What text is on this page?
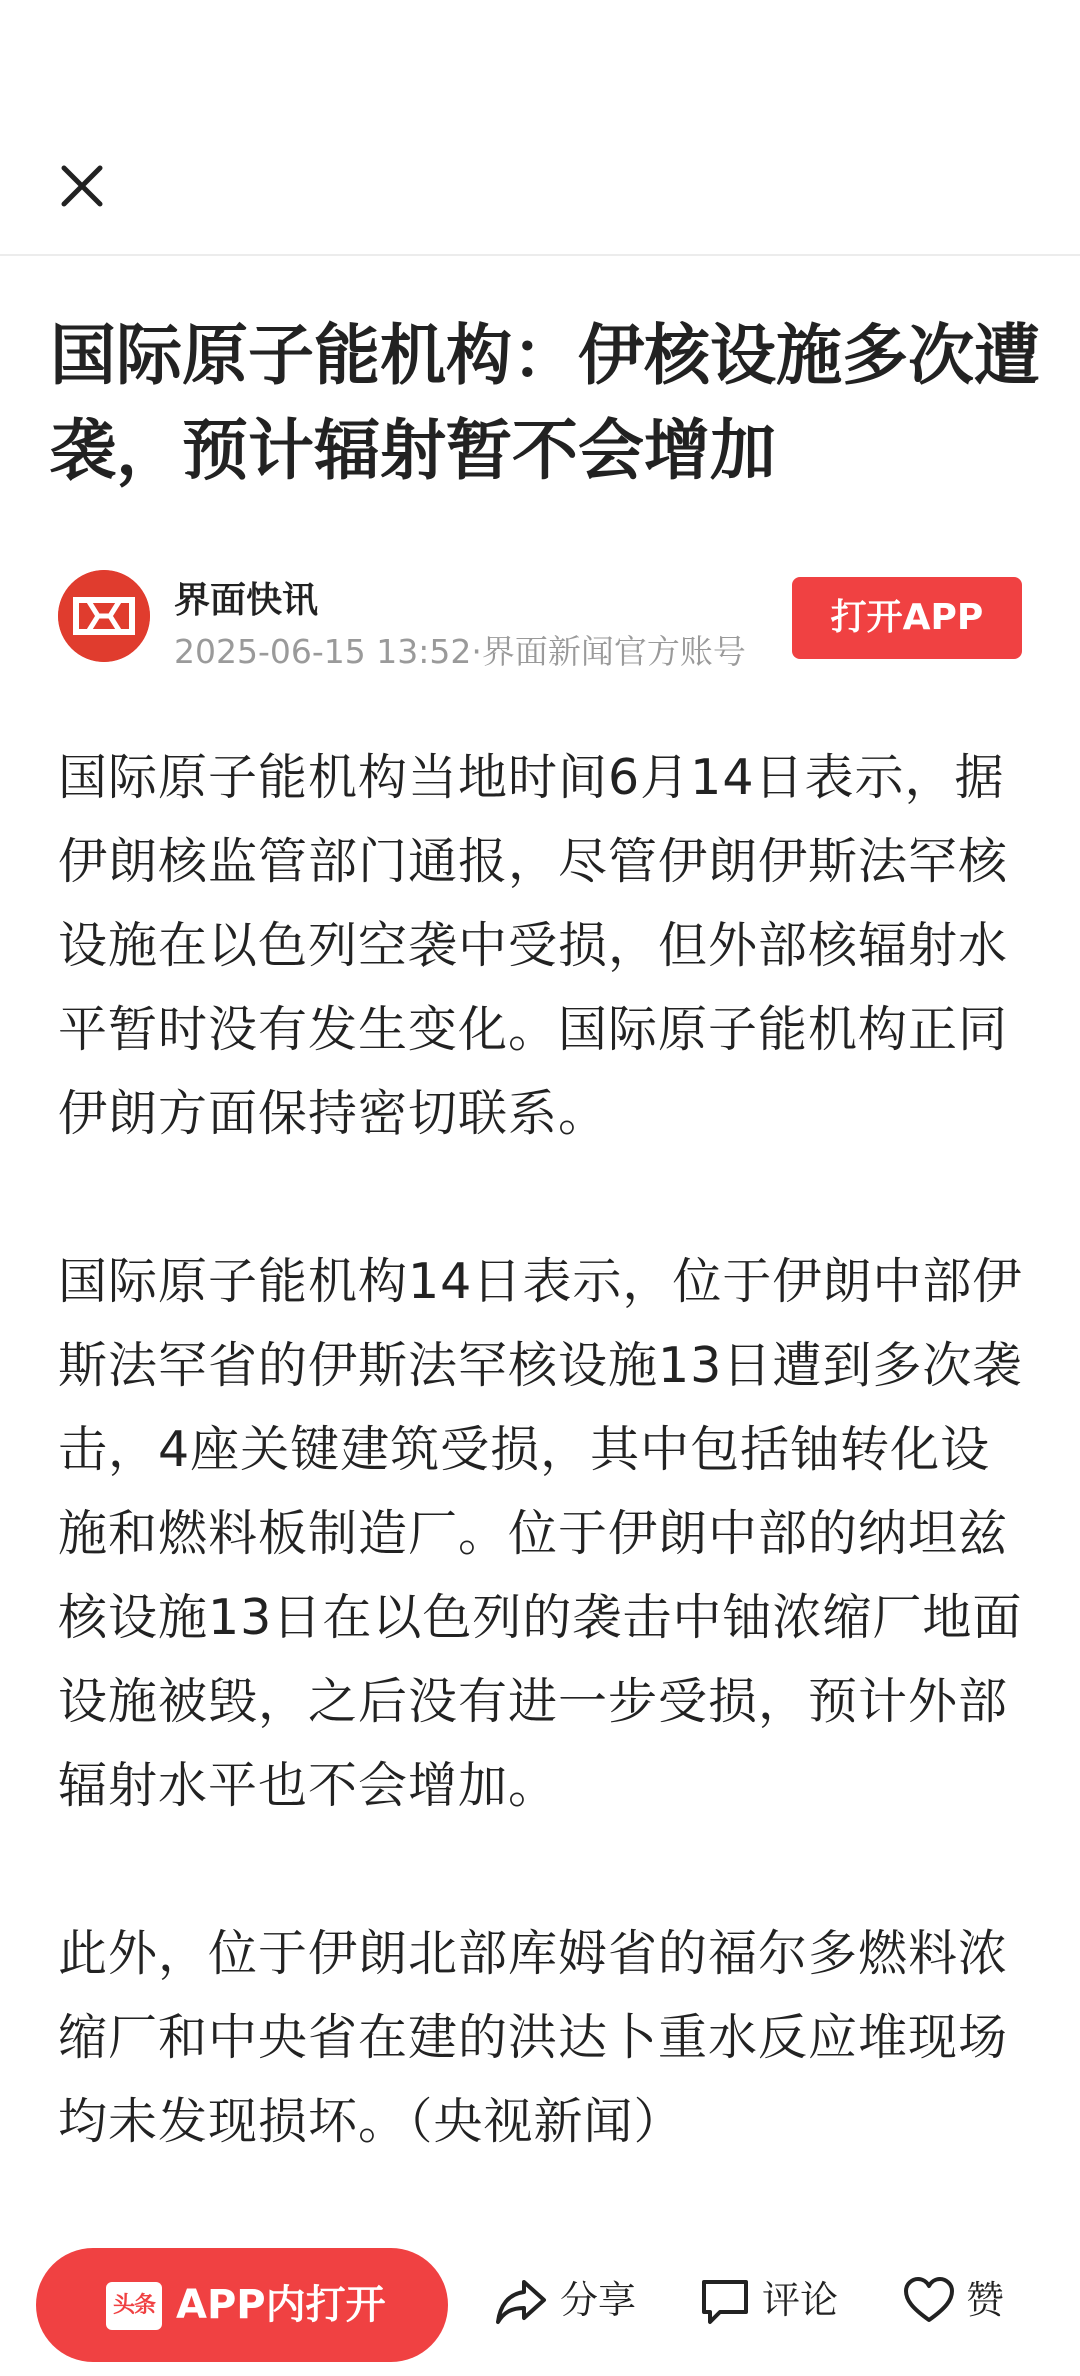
国际原子能机构：伊核设施多次遭袭，预计辐射暂不会增加
界面快讯
2025-06-15 13:52·界面新闻官方账号
打开APP

国际原子能机构当地时间6月14日表示，据伊朗核监管部门通报，尽管伊朗伊斯法罕核设施在以色列空袭中受损，但外部核辐射水平暂时没有发生变化。国际原子能机构正同伊朗方面保持密切联系。

国际原子能机构14日表示，位于伊朗中部伊斯法罕省的伊斯法罕核设施13日遭到多次袭击，4座关键建筑受损，其中包括铀转化设施和燃料板制造厂。位于伊朗中部的纳坦兹核设施13日在以色列的袭击中铀浓缩厂地面设施被毁，之后没有进一步受损，预计外部辐射水平也不会增加。

此外，位于伊朗北部库姆省的福尔多燃料浓缩厂和中央省在建的洪达卜重水反应堆现场均未发现损坏。（央视新闻）

头条 APP内打开	分享	评论	赞
